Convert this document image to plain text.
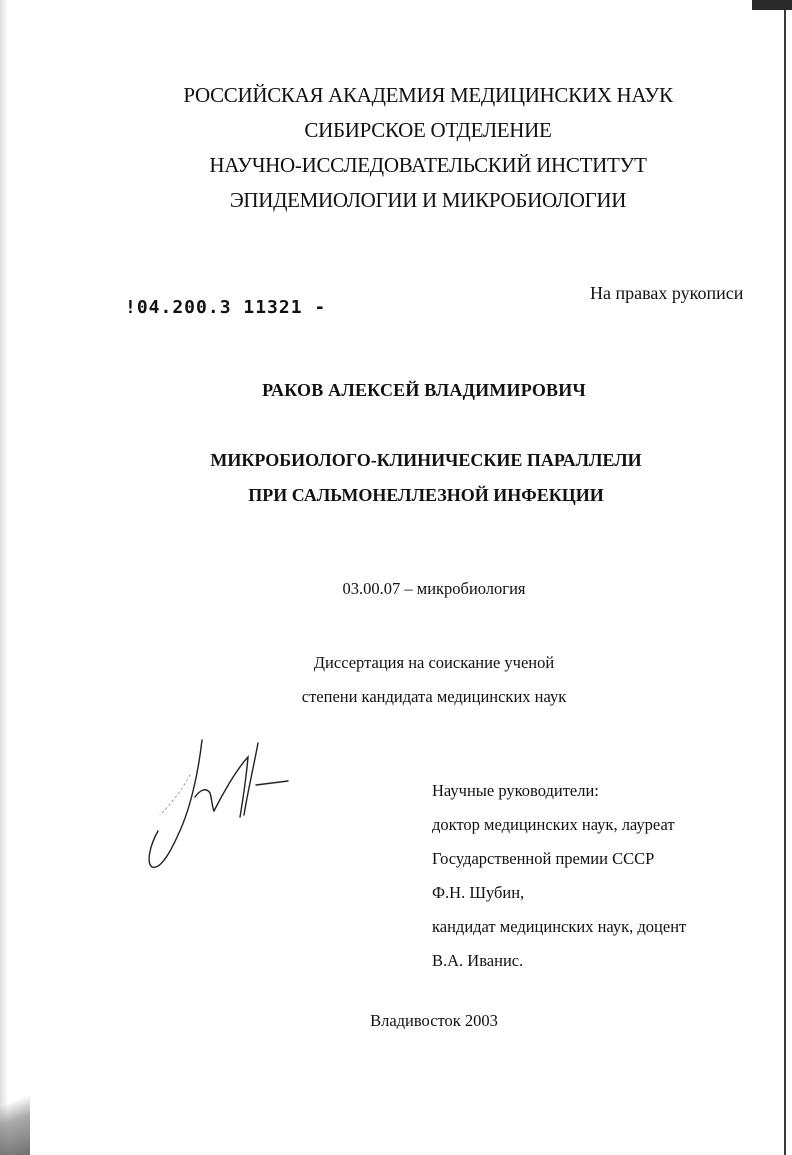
РОССИЙСКАЯ АКАДЕМИЯ МЕДИЦИНСКИХ НАУК
СИБИРСКОЕ ОТДЕЛЕНИЕ
НАУЧНО-ИССЛЕДОВАТЕЛЬСКИЙ ИНСТИТУТ
ЭПИДЕМИОЛОГИИ И МИКРОБИОЛОГИИ
!04.200.3 11321 -
На правах рукописи
РАКОВ АЛЕКСЕЙ ВЛАДИМИРОВИЧ
МИКРОБИОЛОГО-КЛИНИЧЕСКИЕ ПАРАЛЛЕЛИ
ПРИ САЛЬМОНЕЛЛЕЗНОЙ ИНФЕКЦИИ
03.00.07 – микробиология
Диссертация на соискание ученой
степени кандидата медицинских наук
Научные руководители:
доктор медицинских наук, лауреат
Государственной премии СССР
Ф.Н. Шубин,
кандидат медицинских наук, доцент
В.А. Иванис.
Владивосток 2003
